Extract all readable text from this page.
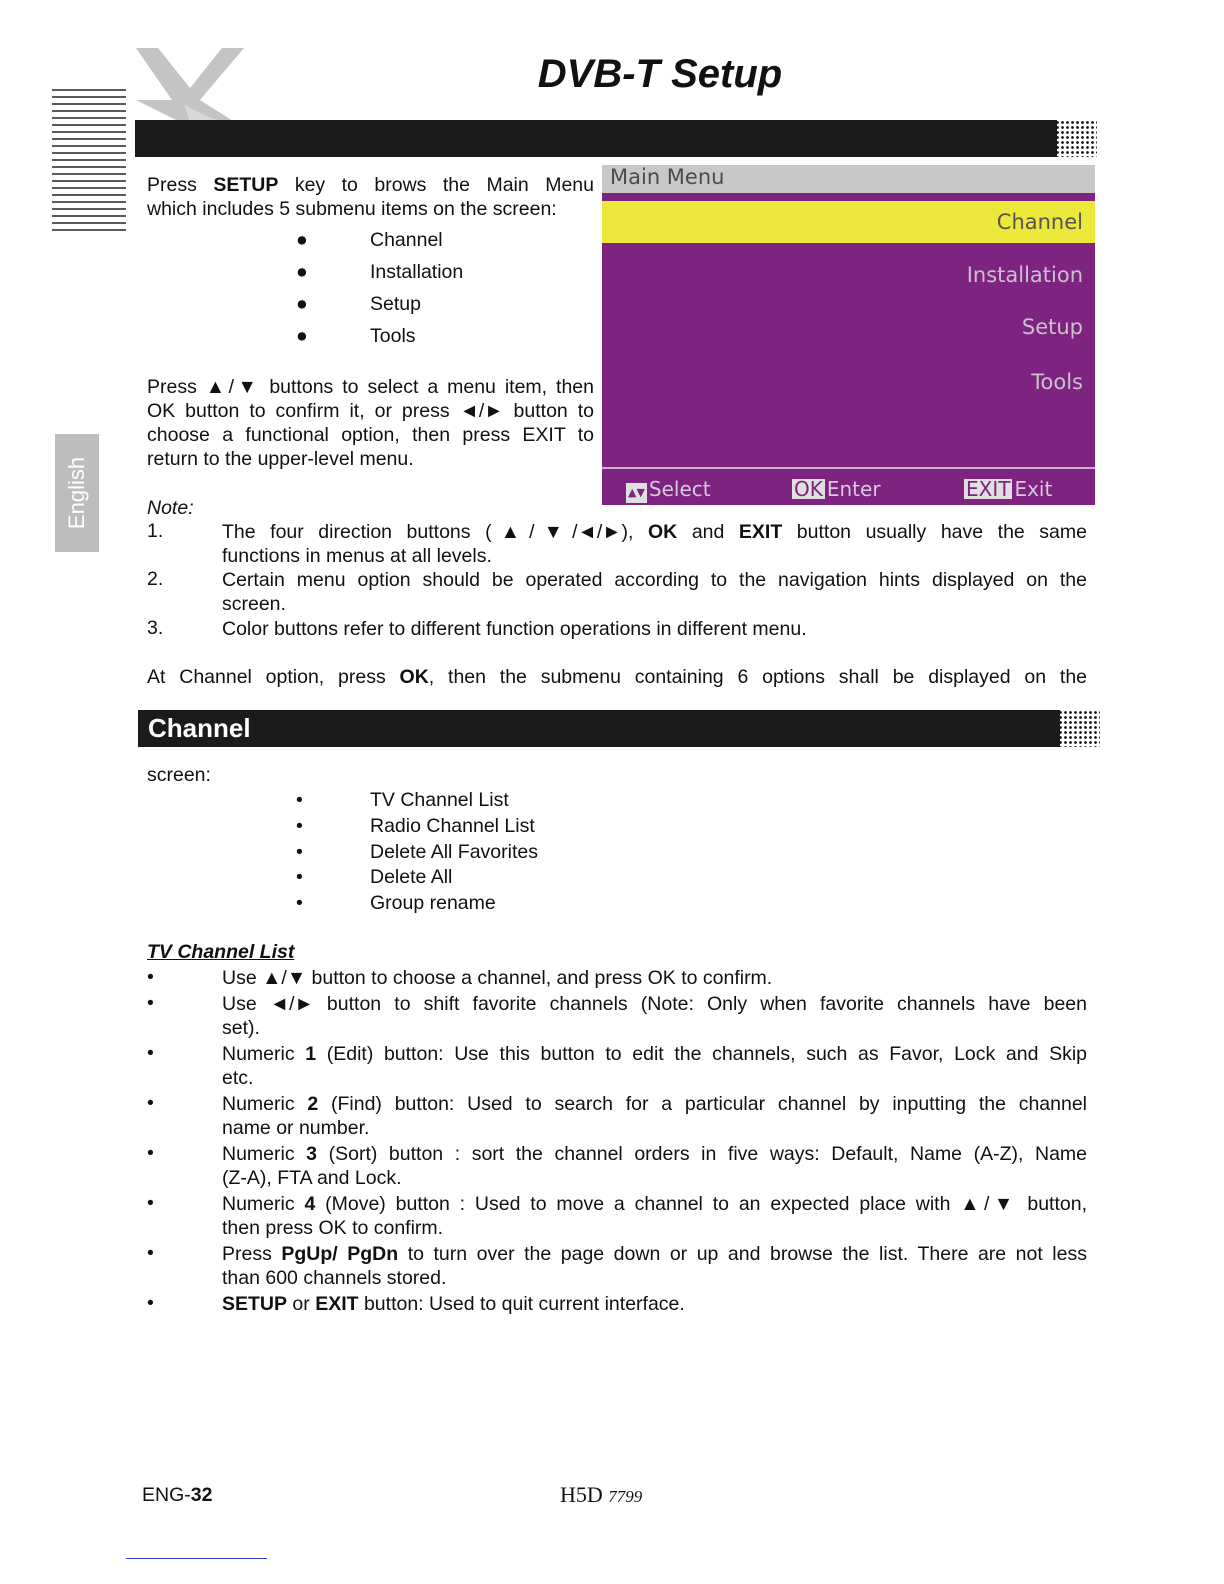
English
DVB-T Setup
Press SETUP key to brows the Main Menu
which includes 5 submenu items on the screen:
●	Channel
●	Installation
●	Setup
●	Tools
Press ▲/▼ buttons to select a menu item, then
OK button to confirm it, or press ◄/► button to
choose a functional option, then press EXIT to
return to the upper-level menu.
Main Menu
Channel
Installation
Setup
Tools
▲▼ Select	OK Enter	EXIT Exit
Note:
1.	The four direction buttons (▲/▼/◄/►), OK and EXIT button usually have the same
functions in menus at all levels.
2.	Certain menu option should be operated according to the navigation hints displayed on the
screen.
3.	Color buttons refer to different function operations in different menu.
At Channel option, press OK, then the submenu containing 6 options shall be displayed on the
Channel
screen:
•	TV Channel List
•	Radio Channel List
•	Delete All Favorites
•	Delete All
•	Group rename
TV Channel List
•	Use ▲/▼ button to choose a channel, and press OK to confirm.
•	Use ◄/► button to shift favorite channels (Note: Only when favorite channels have been
set).
•	Numeric 1 (Edit) button: Use this button to edit the channels, such as Favor, Lock and Skip
etc.
•	Numeric 2 (Find) button: Used to search for a particular channel by inputting the channel
name or number.
•	Numeric 3 (Sort) button : sort the channel orders in five ways: Default, Name (A-Z), Name
(Z-A), FTA and Lock.
•	Numeric 4 (Move) button : Used to move a channel to an expected place with ▲/▼ button,
then press OK to confirm.
•	Press PgUp/ PgDn to turn over the page down or up and browse the list. There are not less
than 600 channels stored.
•	SETUP or EXIT button: Used to quit current interface.
ENG-32	H5D 7799
